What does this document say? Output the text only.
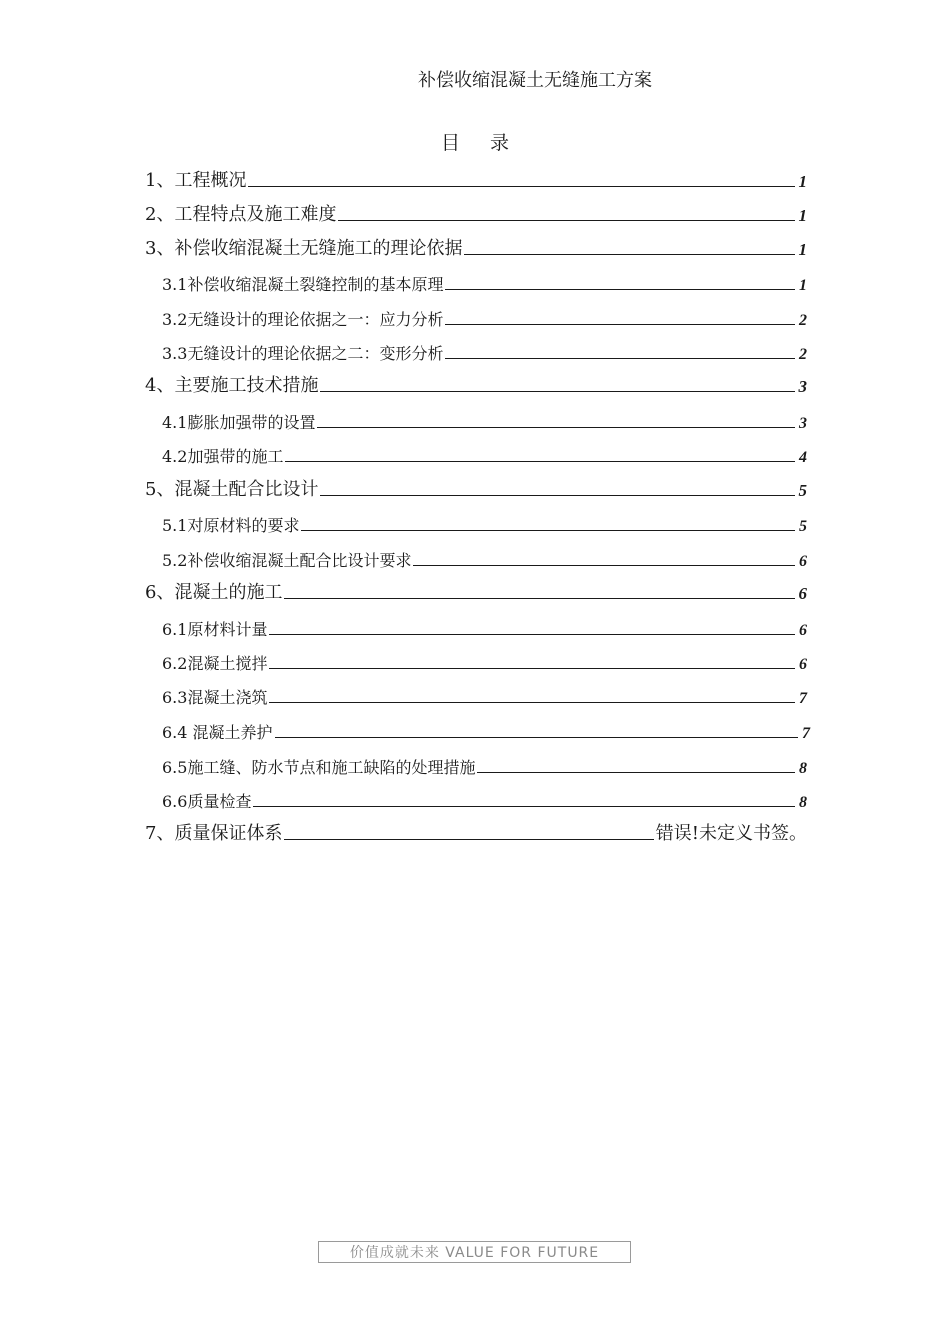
补偿收缩混凝土无缝施工方案
目录
1、工程概况	1
2、工程特点及施工难度	1
3、补偿收缩混凝土无缝施工的理论依据	1
3.1补偿收缩混凝土裂缝控制的基本原理	1
3.2无缝设计的理论依据之一：应力分析	2
3.3无缝设计的理论依据之二：变形分析	2
4、主要施工技术措施	3
4.1膨胀加强带的设置	3
4.2加强带的施工	4
5、混凝土配合比设计	5
5.1对原材料的要求	5
5.2补偿收缩混凝土配合比设计要求	6
6、混凝土的施工	6
6.1原材料计量	6
6.2混凝土搅拌	6
6.3混凝土浇筑	7
6.4 混凝土养护	7
6.5施工缝、防水节点和施工缺陷的处理措施	8
6.6质量检查	8
7、质量保证体系	错误!未定义书签。
价值成就未来 VALUE FOR FUTURE
